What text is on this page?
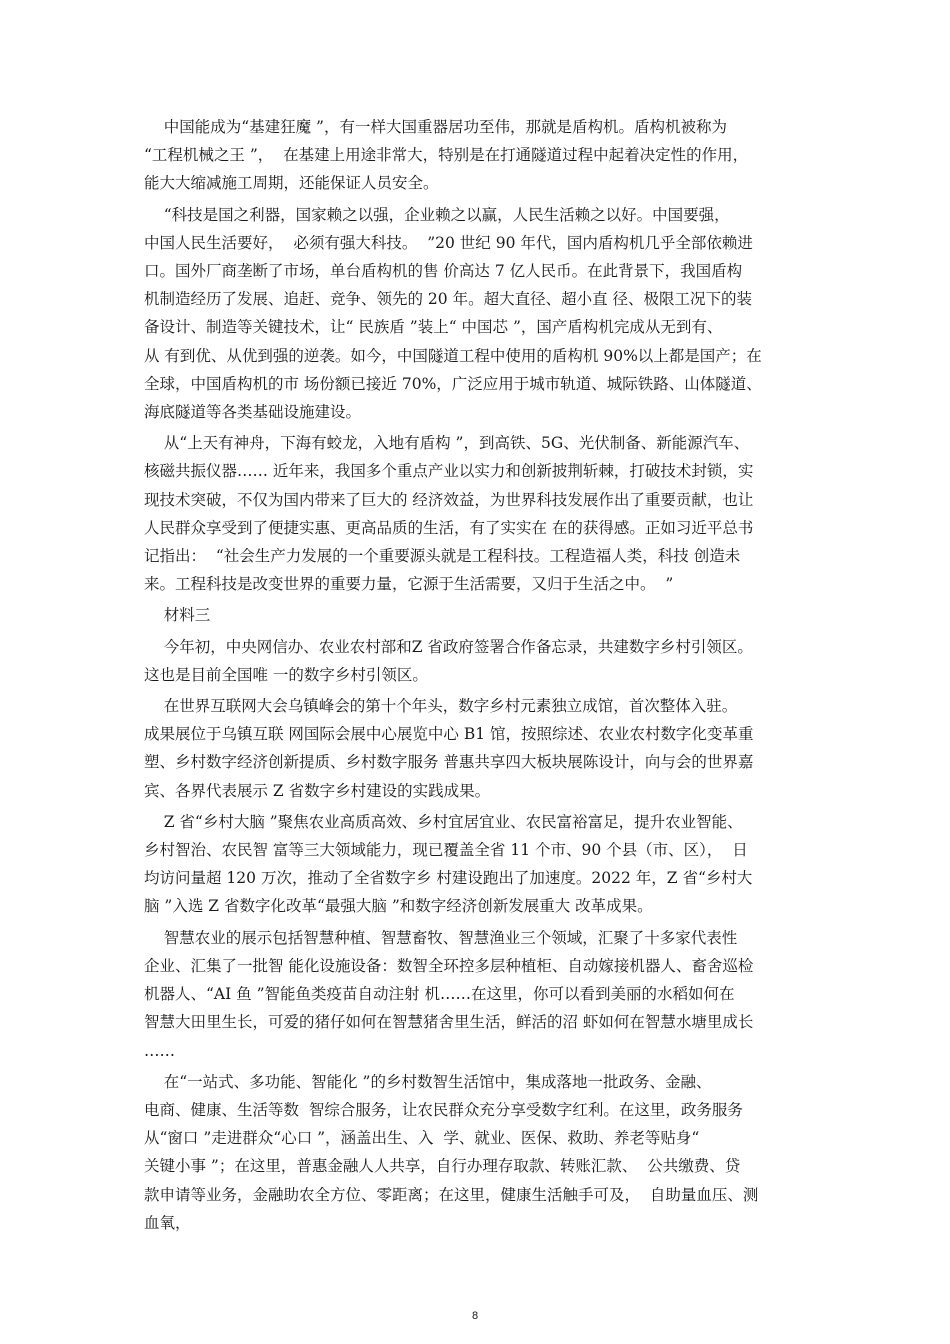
中国能成为“基建狂魔 ”，有一样大国重器居功至伟，那就是盾构机。盾构机被称为
“工程机械之王 ”，  在基建上用途非常大，特别是在打通隧道过程中起着决定性的作用，
能大大缩减施工周期，还能保证人员安全。

“科技是国之利器，国家赖之以强，企业赖之以赢，人民生活赖之以好。中国要强，
中国人民生活要好，  必须有强大科技。  ”20 世纪 90 年代，国内盾构机几乎全部依赖进
口。国外厂商垄断了市场，单台盾构机的售 价高达 7 亿人民币。在此背景下，我国盾构
机制造经历了发展、追赶、竞争、领先的 20 年。超大直径、超小直 径、极限工况下的装
备设计、制造等关键技术，让“ 民族盾 ”装上“ 中国芯 ”，国产盾构机完成从无到有、
从 有到优、从优到强的逆袭。如今，中国隧道工程中使用的盾构机 90%以上都是国产；在
全球，中国盾构机的市 场份额已接近 70%，广泛应用于城市轨道、城际铁路、山体隧道、
海底隧道等各类基础设施建设。

从“上天有神舟，下海有蛟龙，入地有盾构 ”，到高铁、5G、光伏制备、新能源汽车、
核磁共振仪器…… 近年来，我国多个重点产业以实力和创新披荆斩棘，打破技术封锁，实
现技术突破，不仅为国内带来了巨大的 经济效益，为世界科技发展作出了重要贡献，也让
人民群众享受到了便捷实惠、更高品质的生活，有了实实在 在的获得感。正如习近平总书
记指出：  “社会生产力发展的一个重要源头就是工程科技。工程造福人类，科技 创造未
来。工程科技是改变世界的重要力量，它源于生活需要，又归于生活之中。  ”

材料三

今年初，中央网信办、农业农村部和Z 省政府签署合作备忘录，共建数字乡村引领区。
这也是目前全国唯 一的数字乡村引领区。

在世界互联网大会乌镇峰会的第十个年头，数字乡村元素独立成馆，首次整体入驻。
成果展位于乌镇互联 网国际会展中心展览中心 B1 馆，按照综述、农业农村数字化变革重
塑、乡村数字经济创新提质、乡村数字服务 普惠共享四大板块展陈设计，向与会的世界嘉
宾、各界代表展示 Z 省数字乡村建设的实践成果。

Z 省“乡村大脑 ”聚焦农业高质高效、乡村宜居宜业、农民富裕富足，提升农业智能、
乡村智治、农民智 富等三大领域能力，现已覆盖全省 11 个市、90 个县（市、区），  日
均访问量超 120 万次，推动了全省数字乡 村建设跑出了加速度。2022 年，Z 省“乡村大
脑 ”入选 Z 省数字化改革“最强大脑 ”和数字经济创新发展重大 改革成果。

智慧农业的展示包括智慧种植、智慧畜牧、智慧渔业三个领域，汇聚了十多家代表性
企业、汇集了一批智 能化设施设备：数智全环控多层种植柜、自动嫁接机器人、畜舍巡检
机器人、“AI 鱼 ”智能鱼类疫苗自动注射 机……在这里，你可以看到美丽的水稻如何在
智慧大田里生长，可爱的猪仔如何在智慧猪舍里生活，鲜活的沼 虾如何在智慧水塘里成长
……

在“一站式、多功能、智能化 ”的乡村数智生活馆中，集成落地一批政务、金融、
电商、健康、生活等数  智综合服务，让农民群众充分享受数字红利。在这里，政务服务
从“窗口 ”走进群众“心口 ”，涵盖出生、入  学、就业、医保、救助、养老等贴身“
关键小事 ”；在这里，普惠金融人人共享，自行办理存取款、转账汇款、  公共缴费、贷
款申请等业务，金融助农全方位、零距离；在这里，健康生活触手可及，  自助量血压、测
血氧，

8
